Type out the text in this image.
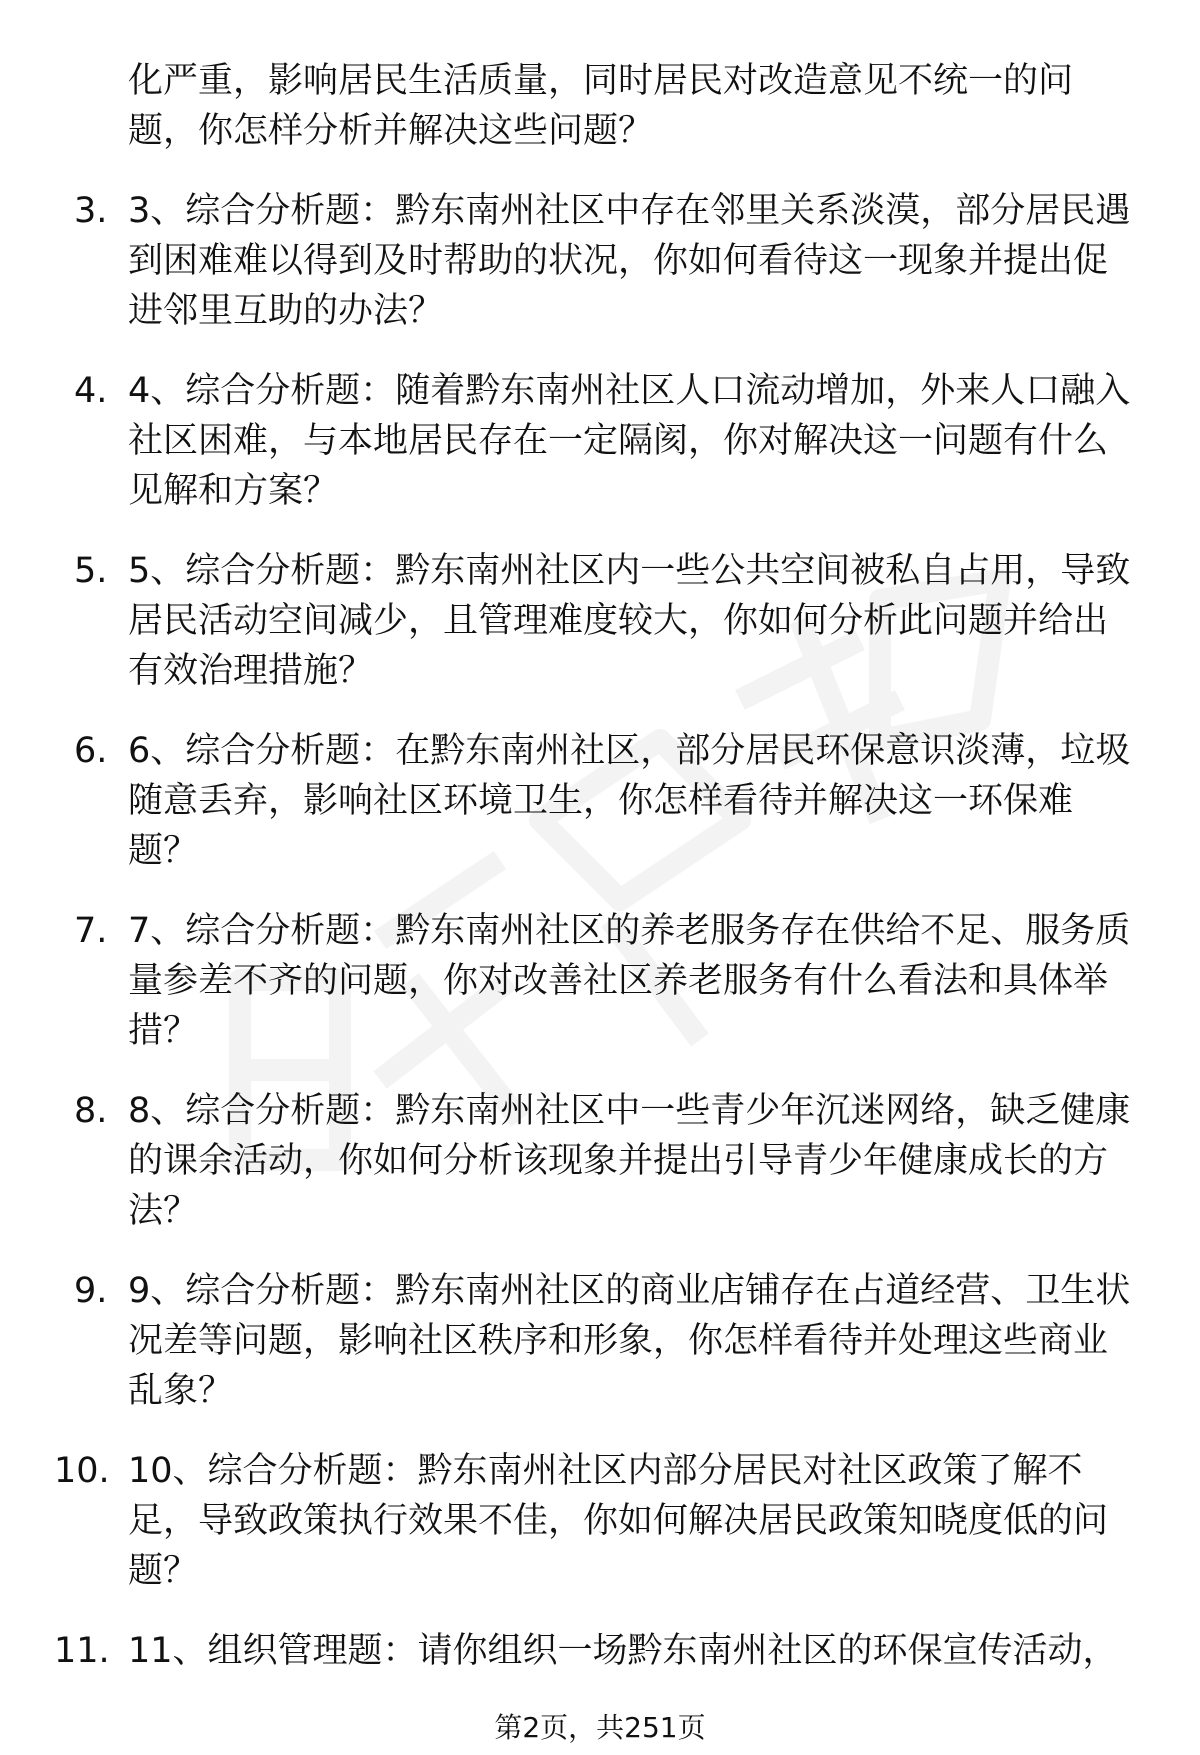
化严重，影响居民生活质量，同时居民对改造意见不统一的问
题，你怎样分析并解决这些问题？
3. 3、综合分析题：黔东南州社区中存在邻里关系淡漠，部分居民遇
到困难难以得到及时帮助的状况，你如何看待这一现象并提出促
进邻里互助的办法？
4. 4、综合分析题：随着黔东南州社区人口流动增加，外来人口融入
社区困难，与本地居民存在一定隔阂，你对解决这一问题有什么
见解和方案？
5. 5、综合分析题：黔东南州社区内一些公共空间被私自占用，导致
居民活动空间减少，且管理难度较大，你如何分析此问题并给出
有效治理措施？
6. 6、综合分析题：在黔东南州社区，部分居民环保意识淡薄，垃圾
随意丢弃，影响社区环境卫生，你怎样看待并解决这一环保难
题？
7. 7、综合分析题：黔东南州社区的养老服务存在供给不足、服务质
量参差不齐的问题，你对改善社区养老服务有什么看法和具体举
措？
8. 8、综合分析题：黔东南州社区中一些青少年沉迷网络，缺乏健康
的课余活动，你如何分析该现象并提出引导青少年健康成长的方
法？
9. 9、综合分析题：黔东南州社区的商业店铺存在占道经营、卫生状
况差等问题，影响社区秩序和形象，你怎样看待并处理这些商业
乱象？
10. 10、综合分析题：黔东南州社区内部分居民对社区政策了解不
足，导致政策执行效果不佳，你如何解决居民政策知晓度低的问
题？
11. 11、组织管理题：请你组织一场黔东南州社区的环保宣传活动，
第2页，共251页
